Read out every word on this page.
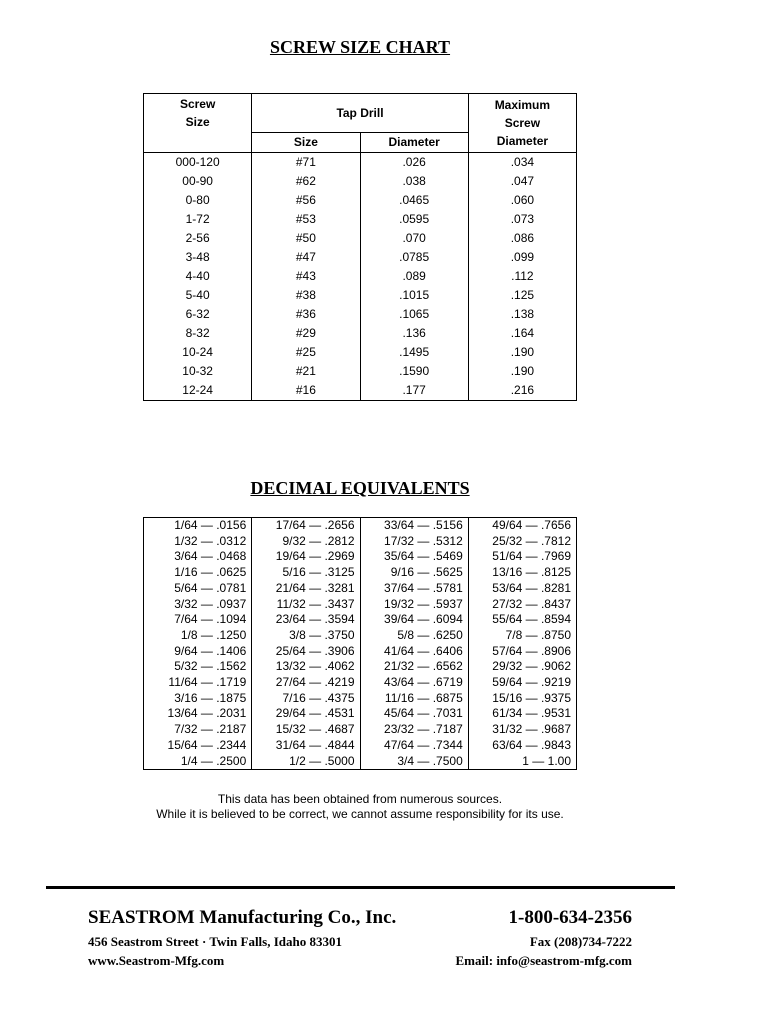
SCREW SIZE CHART
Screw
Size	Tap Drill		Maximum
Screw
Diameter

	Size	Diameter	
000-120	#71	.026	.034
00-90	#62	.038	.047
0-80	#56	.0465	.060
1-72	#53	.0595	.073
2-56	#50	.070	.086
3-48	#47	.0785	.099
4-40	#43	.089	.112
5-40	#38	.1015	.125
6-32	#36	.1065	.138
8-32	#29	.136	.164
10-24	#25	.1495	.190
10-32	#21	.1590	.190
12-24	#16	.177	.216
DECIMAL EQUIVALENTS
1/64 — .0156	17/64 — .2656	33/64 — .5156	49/64 — .7656
1/32 — .0312	9/32 — .2812	17/32 — .5312	25/32 — .7812
3/64 — .0468	19/64 — .2969	35/64 — .5469	51/64 — .7969
1/16 — .0625	5/16 — .3125	9/16 — .5625	13/16 — .8125
5/64 — .0781	21/64 — .3281	37/64 — .5781	53/64 — .8281
3/32 — .0937	11/32 — .3437	19/32 — .5937	27/32 — .8437
7/64 — .1094	23/64 — .3594	39/64 — .6094	55/64 — .8594
1/8 — .1250	3/8 — .3750	5/8 — .6250	7/8 — .8750
9/64 — .1406	25/64 — .3906	41/64 — .6406	57/64 — .8906
5/32 — .1562	13/32 — .4062	21/32 — .6562	29/32 — .9062
11/64 — .1719	27/64 — .4219	43/64 — .6719	59/64 — .9219
3/16 — .1875	7/16 — .4375	11/16 — .6875	15/16 — .9375
13/64 — .2031	29/64 — .4531	45/64 — .7031	61/34 — .9531
7/32 — .2187	15/32 — .4687	23/32 — .7187	31/32 — .9687
15/64 — .2344	31/64 — .4844	47/64 — .7344	63/64 — .9843
1/4 — .2500	1/2 — .5000	3/4 — .7500	1 — 1.00
This data has been obtained from numerous sources.
While it is believed to be correct, we cannot assume responsibility for its use.
SEASTROM Manufacturing Co., Inc.	1-800-634-2356
456 Seastrom Street · Twin Falls, Idaho 83301	Fax (208)734-7222
www.Seastrom-Mfg.com	Email: info@seastrom-mfg.com
